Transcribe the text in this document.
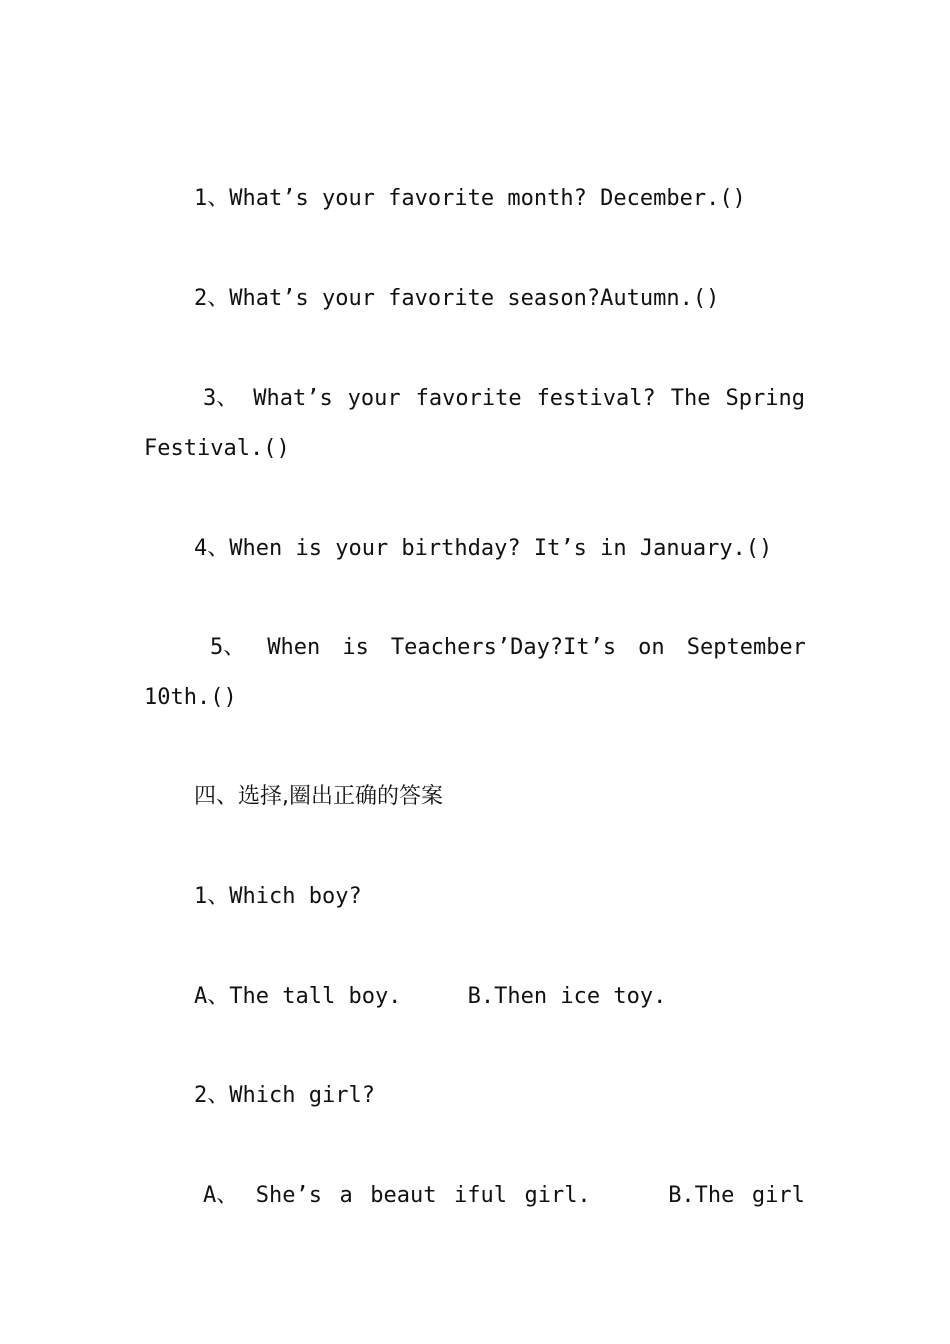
1、What’s your favorite month? December.()
2、What’s your favorite season?Autumn.()
3、 What’s your favorite festival? The Spring
Festival.()
4、When is your birthday? It’s in January.()
5、 When is Teachers’Day?It’s on September
10th.()
四、选择,圈出正确的答案
1、Which boy?
A、The tall boy.     B.Then ice toy.
2、Which girl?
A、 She’s a beaut iful girl.	B.The girl
